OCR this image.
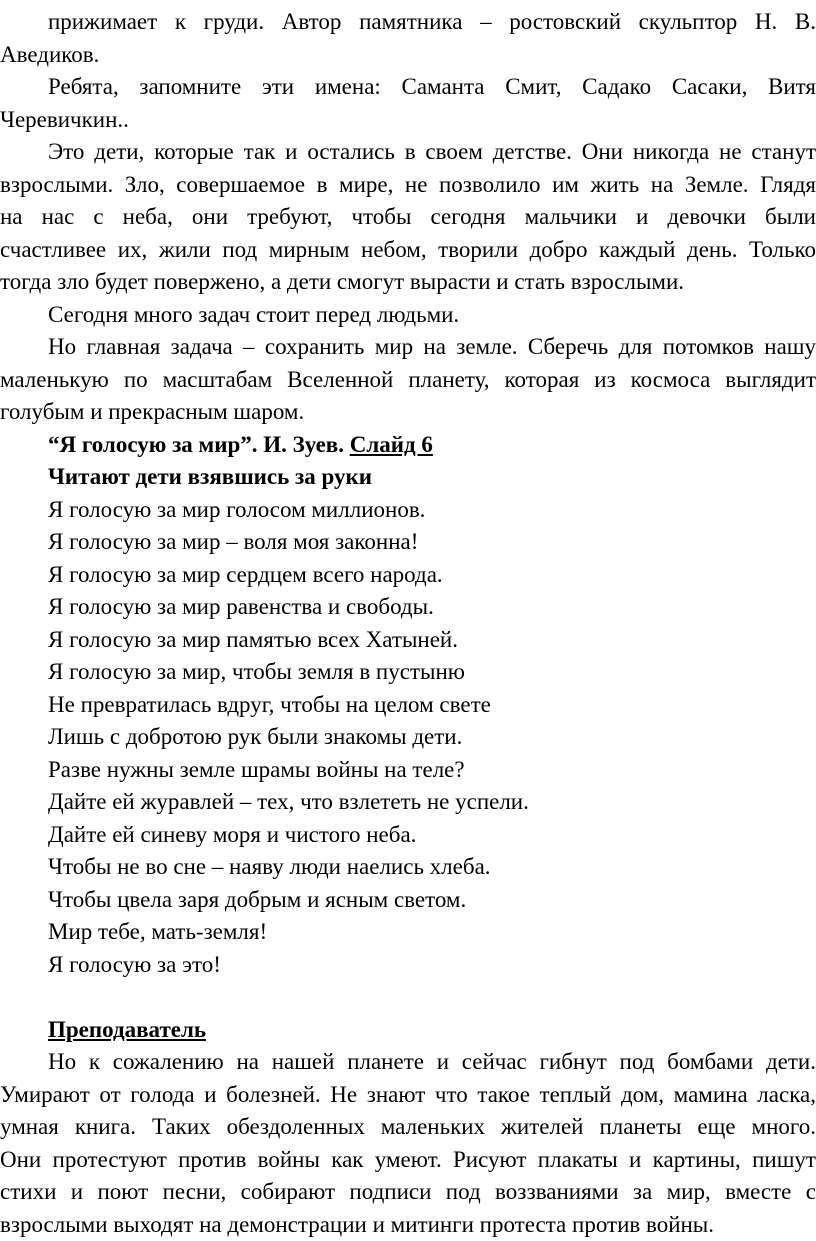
прижимает к груди. Автор памятника – ростовский скульптор Н. В.
Аведиков.
Ребята, запомните эти имена: Саманта Смит, Садако Сасаки, Витя
Черевичкин..
Это дети, которые так и остались в своем детстве. Они никогда не станут
взрослыми. Зло, совершаемое в мире, не позволило им жить на Земле. Глядя
на нас с неба, они требуют, чтобы сегодня мальчики и девочки были
счастливее их, жили под мирным небом, творили добро каждый день. Только
тогда зло будет повержено, а дети смогут вырасти и стать взрослыми.
Сегодня много задач стоит перед людьми.
Но главная задача – сохранить мир на земле. Сберечь для потомков нашу
маленькую по масштабам Вселенной планету, которая из космоса выглядит
голубым и прекрасным шаром.
“Я голосую за мир”. И. Зуев. Слайд 6
Читают дети взявшись за руки
Я голосую за мир голосом миллионов.
Я голосую за мир – воля моя законна!
Я голосую за мир сердцем всего народа.
Я голосую за мир равенства и свободы.
Я голосую за мир памятью всех Хатыней.
Я голосую за мир, чтобы земля в пустыню
Не превратилась вдруг, чтобы на целом свете
Лишь с добротою рук были знакомы дети.
Разве нужны земле шрамы войны на теле?
Дайте ей журавлей – тех, что взлететь не успели.
Дайте ей синеву моря и чистого неба.
Чтобы не во сне – наяву люди наелись хлеба.
Чтобы цвела заря добрым и ясным светом.
Мир тебе, мать-земля!
Я голосую за это!
Преподаватель
Но к сожалению на нашей планете и сейчас гибнут под бомбами дети.
Умирают от голода и болезней. Не знают что такое теплый дом, мамина ласка,
умная книга. Таких обездоленных маленьких жителей планеты еще много.
Они протестуют против войны как умеют. Рисуют плакаты и картины, пишут
стихи и поют песни, собирают подписи под воззваниями за мир, вместе с
взрослыми выходят на демонстрации и митинги протеста против войны.
